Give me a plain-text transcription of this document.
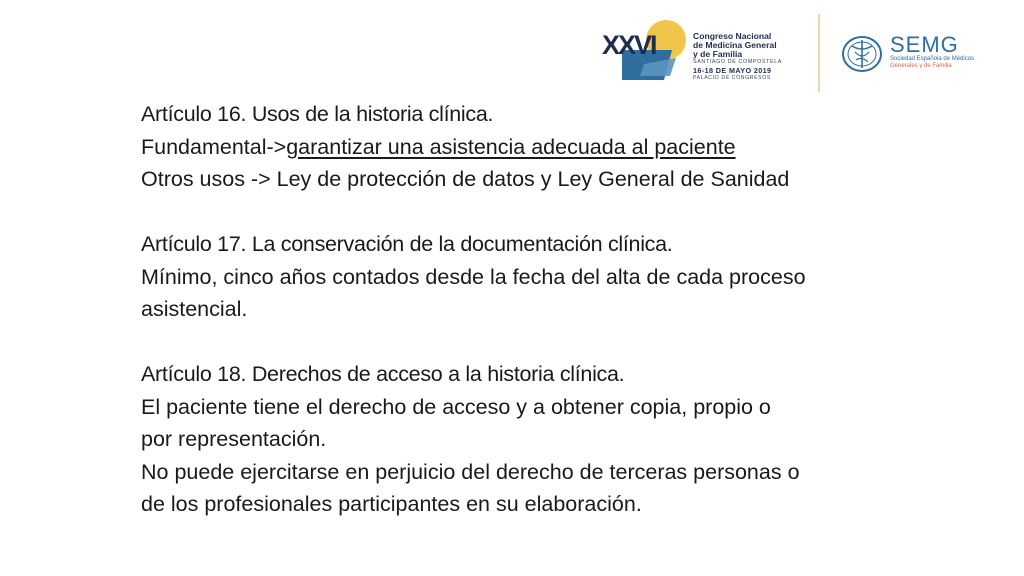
XXVI	Congreso Nacional
de Medicina General
y de Familia
SANTIAGO DE COMPOSTELA
16-18 DE MAYO 2019
PALACIO DE CONGRESOS
SEMG
Sociedad Española de Médicos
Generales y de Familia
Artículo 16. Usos de la historia clínica.
Fundamental->garantizar una asistencia adecuada al paciente
Otros usos -> Ley de protección de datos y Ley General de Sanidad
Artículo 17. La conservación de la documentación clínica.
Mínimo, cinco años contados desde la fecha del alta de cada proceso
asistencial.
Artículo 18. Derechos de acceso a la historia clínica.
El paciente tiene el derecho de acceso y a obtener copia, propio o
por representación.
No puede ejercitarse en perjuicio del derecho de terceras personas o
de los profesionales participantes en su elaboración.
